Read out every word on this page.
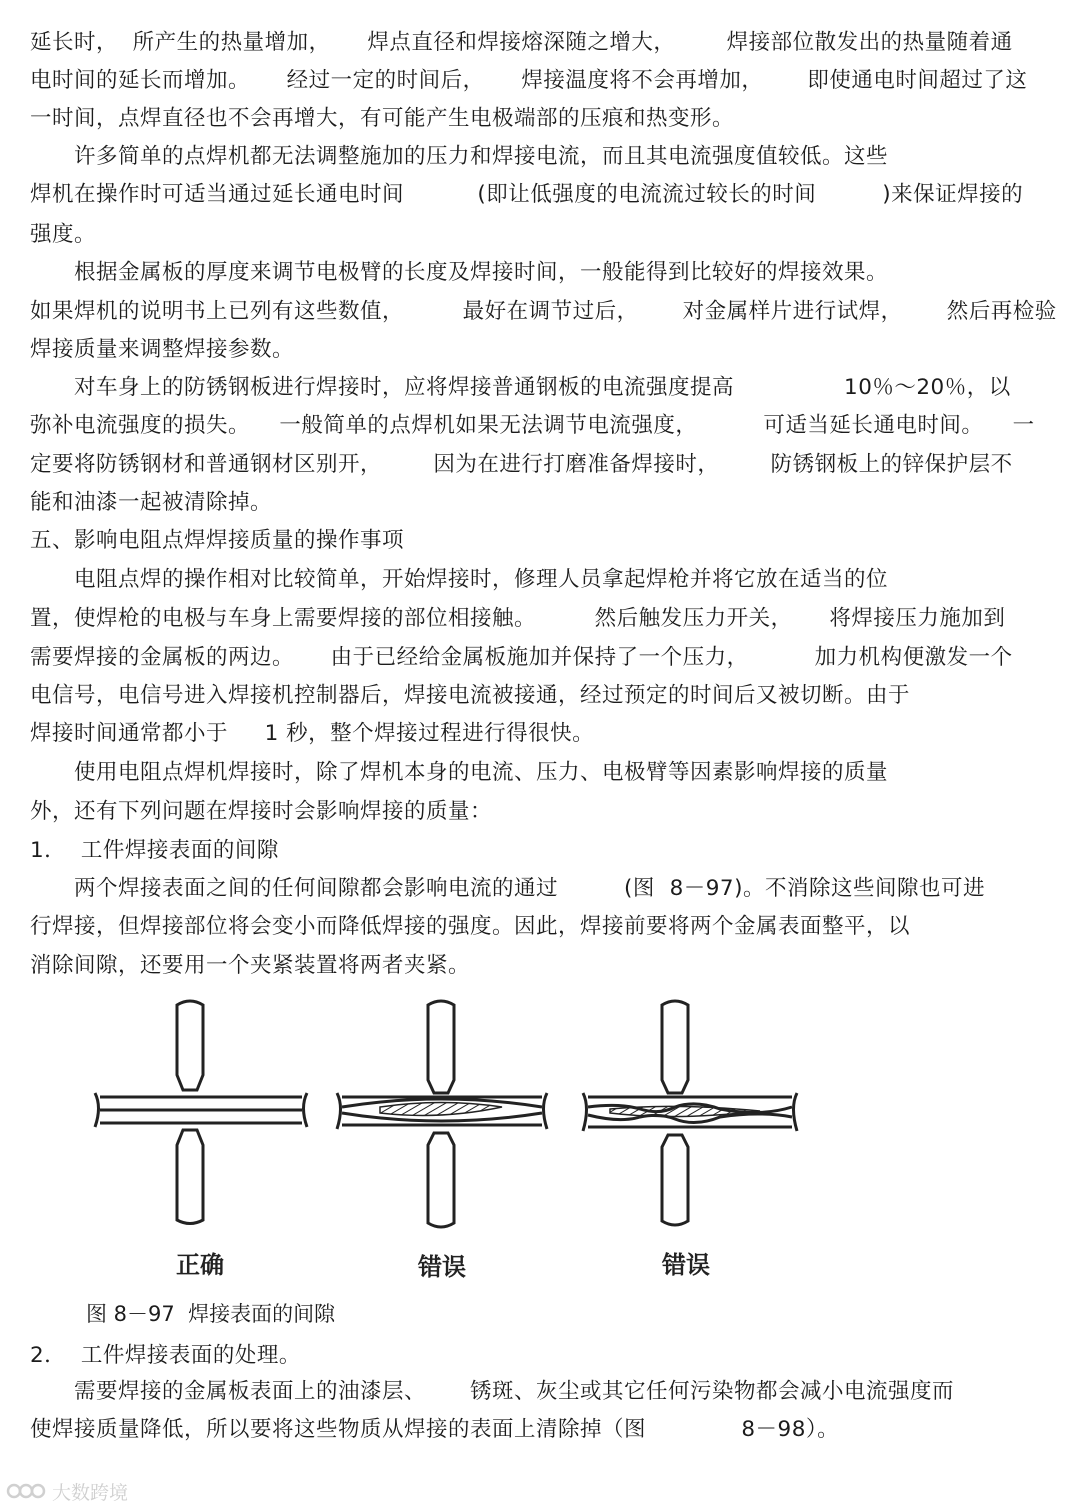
延长时，  所产生的热量增加，     焊点直径和焊接熔深随之增大，       焊接部位散发出的热量随着通
电时间的延长而增加。     经过一定的时间后，     焊接温度将不会再增加，      即使通电时间超过了这
一时间，点焊直径也不会再增大，有可能产生电极端部的压痕和热变形。
许多简单的点焊机都无法调整施加的压力和焊接电流，而且其电流强度值较低。这些
焊机在操作时可适当通过延长通电时间          (即让低强度的电流流过较长的时间         )来保证焊接的
强度。
根据金属板的厚度来调节电极臂的长度及焊接时间，一般能得到比较好的焊接效果。
如果焊机的说明书上已列有这些数值，        最好在调节过后，      对金属样片进行试焊，      然后再检验
焊接质量来调整焊接参数。
对车身上的防锈钢板进行焊接时，应将焊接普通钢板的电流强度提高               10％～20％，以
弥补电流强度的损失。    一般简单的点焊机如果无法调节电流强度，         可适当延长通电时间。    一
定要将防锈钢材和普通钢材区别开，       因为在进行打磨准备焊接时，       防锈钢板上的锌保护层不
能和油漆一起被清除掉。
五、影响电阻点焊焊接质量的操作事项
电阻点焊的操作相对比较简单，开始焊接时，修理人员拿起焊枪并将它放在适当的位
置，使焊枪的电极与车身上需要焊接的部位相接触。        然后触发压力开关，     将焊接压力施加到
需要焊接的金属板的两边。     由于已经给金属板施加并保持了一个压力，         加力机构便激发一个
电信号，电信号进入焊接机控制器后，焊接电流被接通，经过预定的时间后又被切断。由于
焊接时间通常都小于     1 秒，整个焊接过程进行得很快。
使用电阻点焊机焊接时，除了焊机本身的电流、压力、电极臂等因素影响焊接的质量
外，还有下列问题在焊接时会影响焊接的质量：
1．  工件焊接表面的间隙
两个焊接表面之间的任何间隙都会影响电流的通过         (图  8－97)。不消除这些间隙也可进
行焊接，但焊接部位将会变小而降低焊接的强度。因此，焊接前要将两个金属表面整平，以
消除间隙，还要用一个夹紧装置将两者夹紧。
正确	错误	错误
图 8－97  焊接表面的间隙
2．  工件焊接表面的处理。
需要焊接的金属板表面上的油漆层、      锈斑、灰尘或其它任何污染物都会减小电流强度而
使焊接质量降低，所以要将这些物质从焊接的表面上清除掉（图             8－98）。
大数跨境
